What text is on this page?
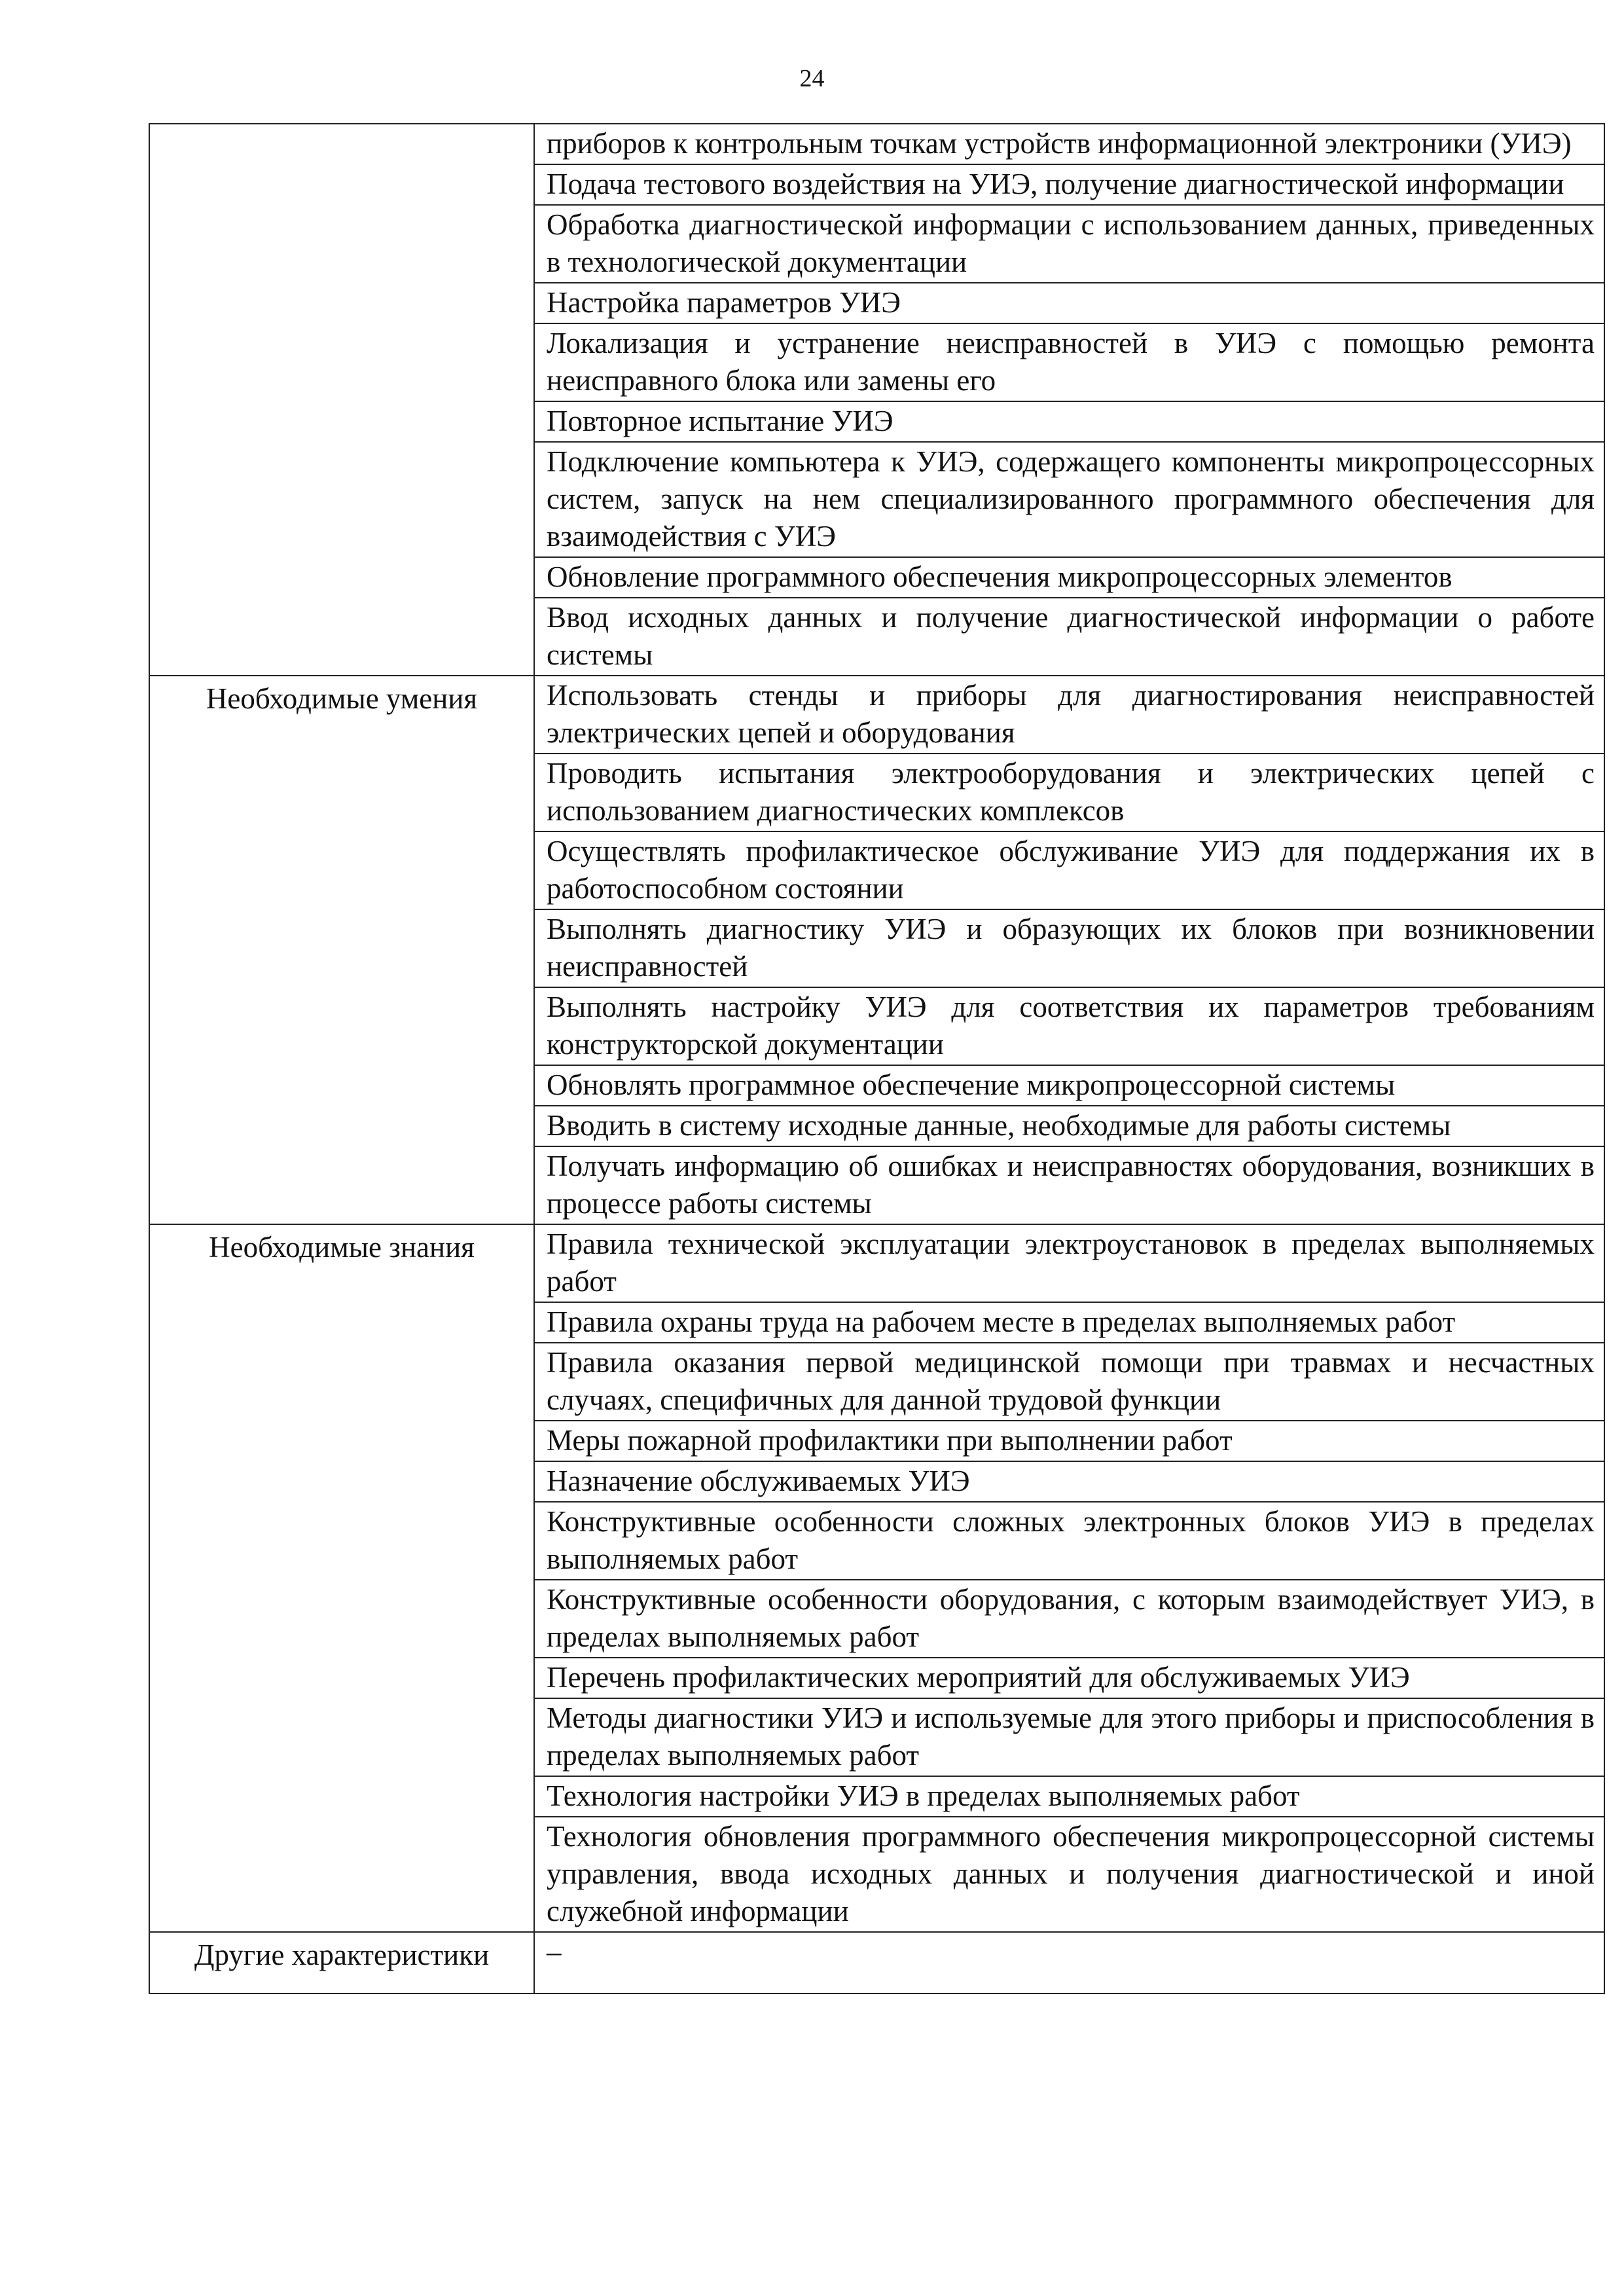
24
	приборов к контрольным точкам устройств информационной электроники (УИЭ)
	Подача тестового воздействия на УИЭ, получение диагностической информации
	Обработка диагностической информации с использованием данных, приведенных в технологической документации
	Настройка параметров УИЭ
	Локализация и устранение неисправностей в УИЭ с помощью ремонта неисправного блока или замены его
	Повторное испытание УИЭ
	Подключение компьютера к УИЭ, содержащего компоненты микропроцессорных систем, запуск на нем специализированного программного обеспечения для взаимодействия с УИЭ
	Обновление программного обеспечения микропроцессорных элементов
	Ввод исходных данных и получение диагностической информации о работе системы
Необходимые умения	Использовать стенды и приборы для диагностирования неисправностей электрических цепей и оборудования
	Проводить испытания электрооборудования и электрических цепей с использованием диагностических комплексов
	Осуществлять профилактическое обслуживание УИЭ для поддержания их в работоспособном состоянии
	Выполнять диагностику УИЭ и образующих их блоков при возникновении неисправностей
	Выполнять настройку УИЭ для соответствия их параметров требованиям конструкторской документации
	Обновлять программное обеспечение микропроцессорной системы
	Вводить в систему исходные данные, необходимые для работы системы
	Получать информацию об ошибках и неисправностях оборудования, возникших в процессе работы системы
Необходимые знания	Правила технической эксплуатации электроустановок в пределах выполняемых работ
	Правила охраны труда на рабочем месте в пределах выполняемых работ
	Правила оказания первой медицинской помощи при травмах и несчастных случаях, специфичных для данной трудовой функции
	Меры пожарной профилактики при выполнении работ
	Назначение обслуживаемых УИЭ
	Конструктивные особенности сложных электронных блоков УИЭ в пределах выполняемых работ
	Конструктивные особенности оборудования, с которым взаимодействует УИЭ, в пределах выполняемых работ
	Перечень профилактических мероприятий для обслуживаемых УИЭ
	Методы диагностики УИЭ и используемые для этого приборы и приспособления в пределах выполняемых работ
	Технология настройки УИЭ в пределах выполняемых работ
	Технология обновления программного обеспечения микропроцессорной системы управления, ввода исходных данных и получения диагностической и иной служебной информации
Другие характеристики	–
